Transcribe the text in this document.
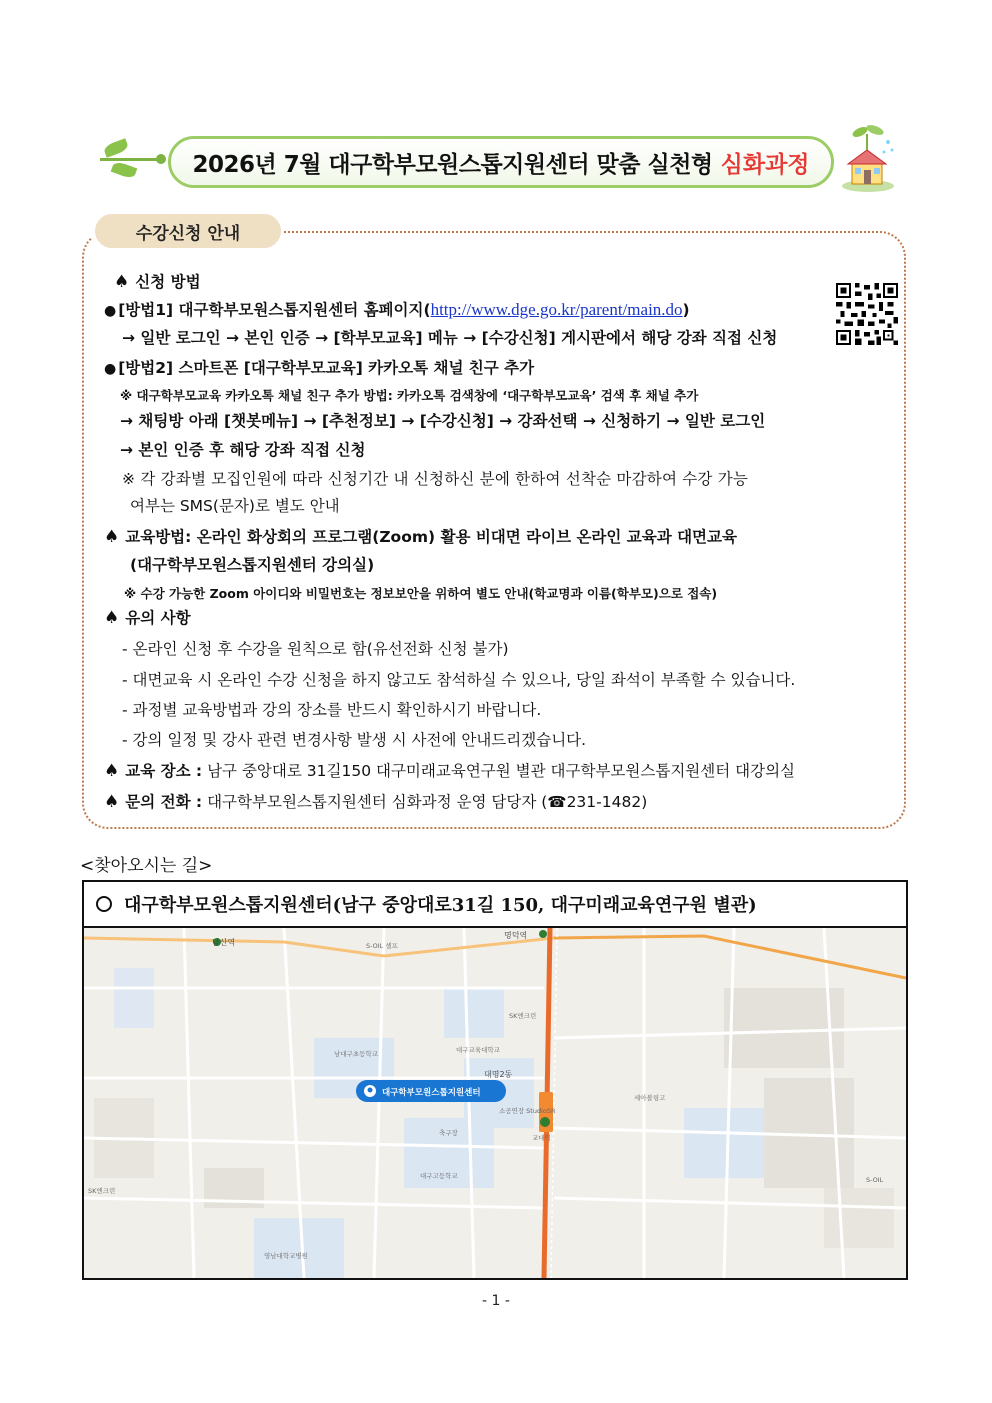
2026년 7월 대구학부모원스톱지원센터 맞춤 실천형 심화과정
수강신청 안내
♠ 신청 방법
● [방법1] 대구학부모원스톱지원센터 홈페이지(http://www.dge.go.kr/parent/main.do)
→ 일반 로그인 → 본인 인증 → [학부모교육] 메뉴 → [수강신청] 게시판에서 해당 강좌 직접 신청
● [방법2] 스마트폰 [대구학부모교육] 카카오톡 채널 친구 추가
※ 대구학부모교육 카카오톡 채널 친구 추가 방법: 카카오톡 검색창에 ‘대구학부모교육’ 검색 후 채널 추가
→ 채팅방 아래 [챗봇메뉴] → [추천정보] → [수강신청] → 강좌선택 → 신청하기 → 일반 로그인
→ 본인 인증 후 해당 강좌 직접 신청
※ 각 강좌별 모집인원에 따라 신청기간 내 신청하신 분에 한하여 선착순 마감하여 수강 가능
여부는 SMS(문자)로 별도 안내
♠ 교육방법: 온라인 화상회의 프로그램(Zoom) 활용 비대면 라이브 온라인 교육과 대면교육
(대구학부모원스톱지원센터 강의실)
※ 수강 가능한 Zoom 아이디와 비밀번호는 정보보안을 위하여 별도 안내(학교명과 이름(학부모)으로 접속)
♠ 유의 사항
- 온라인 신청 후 수강을 원칙으로 함(유선전화 신청 불가)
- 대면교육 시 온라인 수강 신청을 하지 않고도 참석하실 수 있으나, 당일 좌석이 부족할 수 있습니다.
- 과정별 교육방법과 강의 장소를 반드시 확인하시기 바랍니다.
- 강의 일정 및 강사 관련 변경사항 발생 시 사전에 안내드리겠습니다.
♠ 교육 장소 : 남구 중앙대로 31길150 대구미래교육연구원 별관 대구학부모원스톱지원센터 대강의실
♠ 문의 전화 : 대구학부모원스톱지원센터 심화과정 운영 담당자 (☎231-1482)
<찾아오시는 길>
대구학부모원스톱지원센터(남구 중앙대로31길 150, 대구미래교육연구원 별관)
남산역
명덕역
대명2동
교대역
S-OIL 셀프
SK엔크린
SK엔크린
S-OIL
남대구초등학교	대구교육대학교
대구고등학교
소공연장 StudioSR
축구장
세아볼링고
영남대학교병원
대구학부모원스톱지원센터
- 1 -
